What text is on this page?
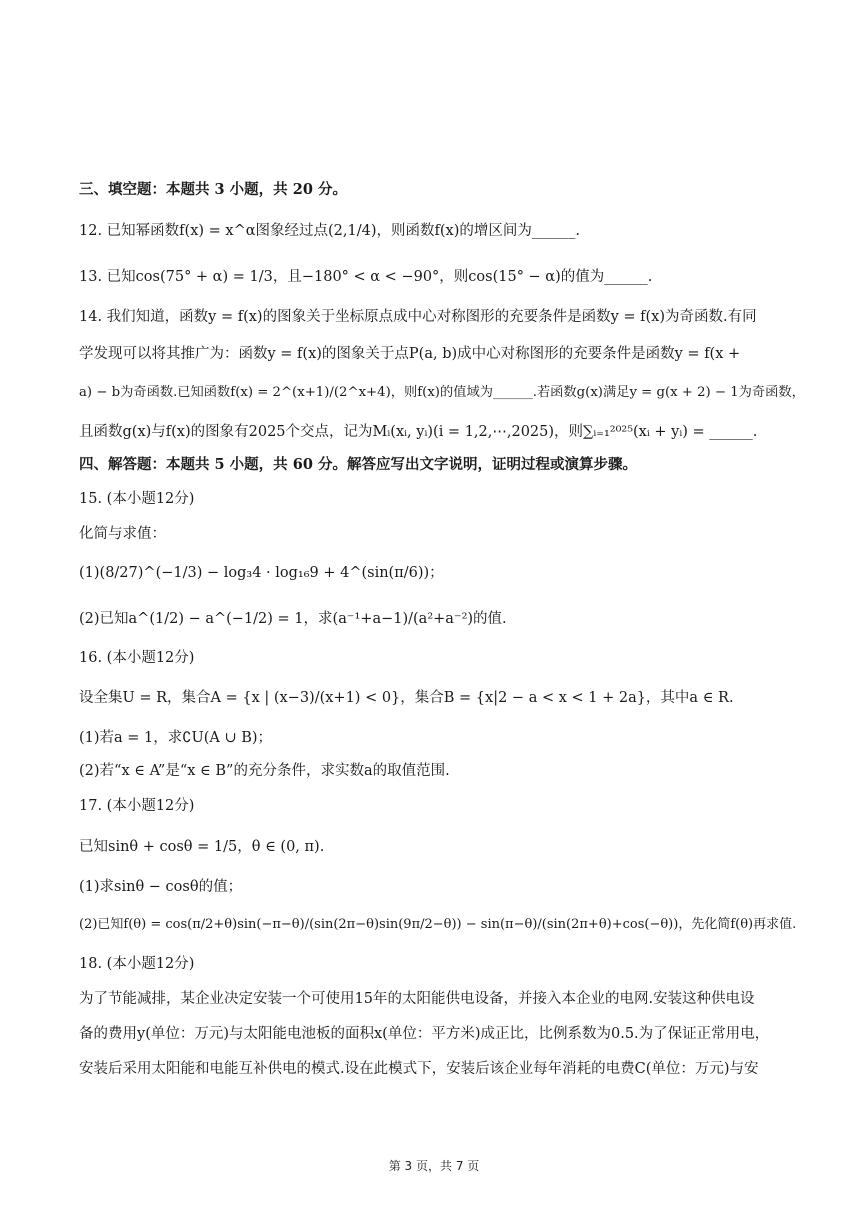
三、填空题：本题共 3 小题，共 20 分。
12. 已知幂函数f(x) = x^α图象经过点(2,1/4)，则函数f(x)的增区间为______.
13. 已知cos(75° + α) = 1/3，且−180° < α < −90°，则cos(15° − α)的值为______.
14. 我们知道，函数y = f(x)的图象关于坐标原点成中心对称图形的充要条件是函数y = f(x)为奇函数.有同
学发现可以将其推广为：函数y = f(x)的图象关于点P(a, b)成中心对称图形的充要条件是函数y = f(x +
a) − b为奇函数.已知函数f(x) = 2^(x+1)/(2^x+4)，则f(x)的值域为______.若函数g(x)满足y = g(x + 2) − 1为奇函数，
且函数g(x)与f(x)的图象有2025个交点，记为Mᵢ(xᵢ, yᵢ)(i = 1,2,⋯,2025)，则∑ᵢ₌₁²⁰²⁵(xᵢ + yᵢ) = ______.
四、解答题：本题共 5 小题，共 60 分。解答应写出文字说明，证明过程或演算步骤。
15. (本小题12分)
化简与求值：
(1)(8/27)^(−1/3) − log₃4 · log₁₆9 + 4^(sin(π/6))；
(2)已知a^(1/2) − a^(−1/2) = 1，求(a⁻¹+a−1)/(a²+a⁻²)的值.
16. (本小题12分)
设全集U = R，集合A = {x | (x−3)/(x+1) < 0}，集合B = {x|2 − a < x < 1 + 2a}，其中a ∈ R.
(1)若a = 1，求∁U(A ∪ B)；
(2)若“x ∈ A”是“x ∈ B”的充分条件，求实数a的取值范围.
17. (本小题12分)
已知sinθ + cosθ = 1/5，θ ∈ (0, π).
(1)求sinθ − cosθ的值；
(2)已知f(θ) = cos(π/2+θ)sin(−π−θ)/(sin(2π−θ)sin(9π/2−θ)) − sin(π−θ)/(sin(2π+θ)+cos(−θ))，先化简f(θ)再求值.
18. (本小题12分)
为了节能减排，某企业决定安装一个可使用15年的太阳能供电设备，并接入本企业的电网.安装这种供电设
备的费用y(单位：万元)与太阳能电池板的面积x(单位：平方米)成正比，比例系数为0.5.为了保证正常用电，
安装后采用太阳能和电能互补供电的模式.设在此模式下，安装后该企业每年消耗的电费C(单位：万元)与安
第 3 页，共 7 页
